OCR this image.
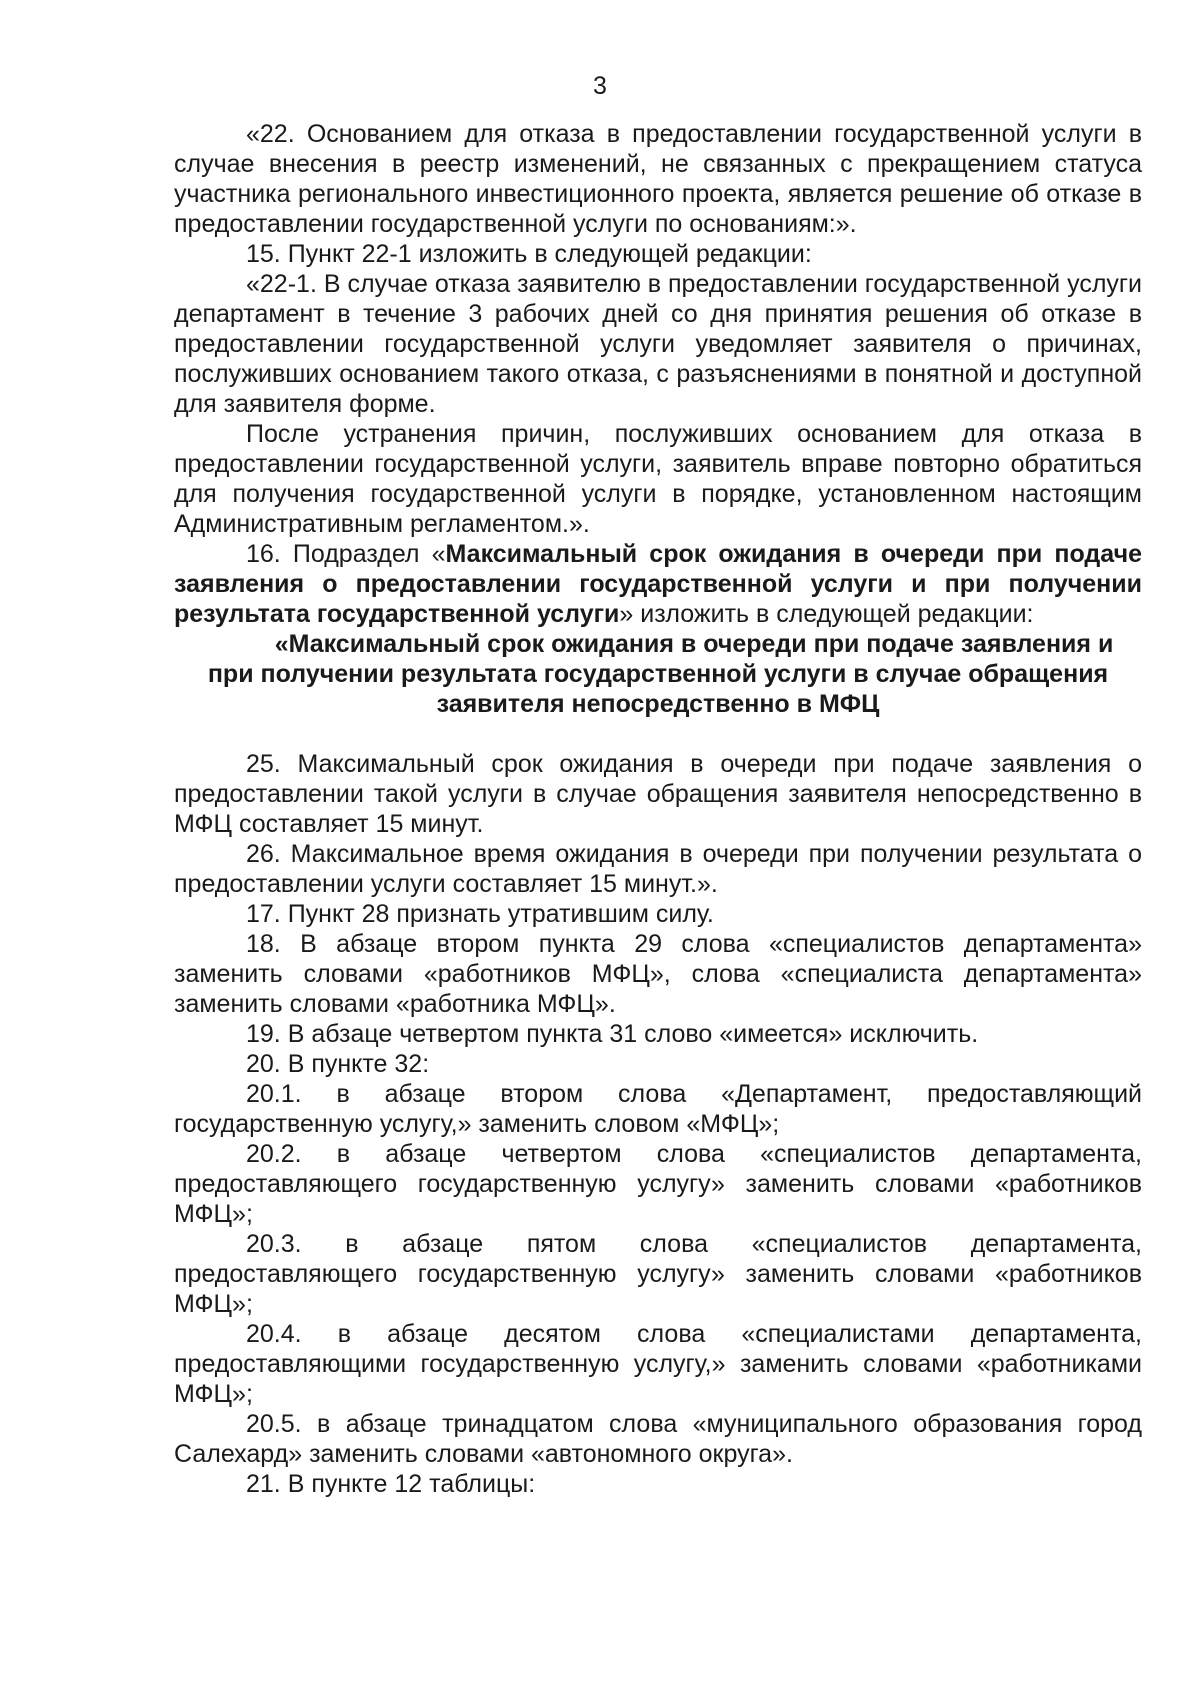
3

«22. Основанием для отказа в предоставлении государственной услуги в случае внесения в реестр изменений, не связанных с прекращением статуса участника регионального инвестиционного проекта, является решение об отказе в предоставлении государственной услуги по основаниям:».

15. Пункт 22-1 изложить в следующей редакции:

«22-1. В случае отказа заявителю в предоставлении государственной услуги департамент в течение 3 рабочих дней со дня принятия решения об отказе в предоставлении государственной услуги уведомляет заявителя о причинах, послуживших основанием такого отказа, с разъяснениями в понятной и доступной для заявителя форме.

После устранения причин, послуживших основанием для отказа в предоставлении государственной услуги, заявитель вправе повторно обратиться для получения государственной услуги в порядке, установленном настоящим Административным регламентом.».

16. Подраздел «Максимальный срок ожидания в очереди при подаче заявления о предоставлении государственной услуги и при получении результата государственной услуги» изложить в следующей редакции:

«Максимальный срок ожидания в очереди при подаче заявления и

при получении результата государственной услуги в случае обращения

заявителя непосредственно в МФЦ

25. Максимальный срок ожидания в очереди при подаче заявления о предоставлении такой услуги в случае обращения заявителя непосредственно в МФЦ составляет 15 минут.

26. Максимальное время ожидания в очереди при получении результата о предоставлении услуги составляет 15 минут.».

17. Пункт 28 признать утратившим силу.

18. В абзаце втором пункта 29 слова «специалистов департамента» заменить словами «работников МФЦ», слова «специалиста департамента» заменить словами «работника МФЦ».

19. В абзаце четвертом пункта 31 слово «имеется» исключить.

20. В пункте 32:

20.1. в абзаце втором слова «Департамент, предоставляющий государственную услугу,» заменить словом «МФЦ»;

20.2. в абзаце четвертом слова «специалистов департамента, предоставляющего государственную услугу» заменить словами «работников МФЦ»;

20.3. в абзаце пятом слова «специалистов департамента, предоставляющего государственную услугу» заменить словами «работников МФЦ»;

20.4. в абзаце десятом слова «специалистами департамента, предоставляющими государственную услугу,» заменить словами «работниками МФЦ»;

20.5. в абзаце тринадцатом слова «муниципального образования город Салехард» заменить словами «автономного округа».

21. В пункте 12 таблицы:
